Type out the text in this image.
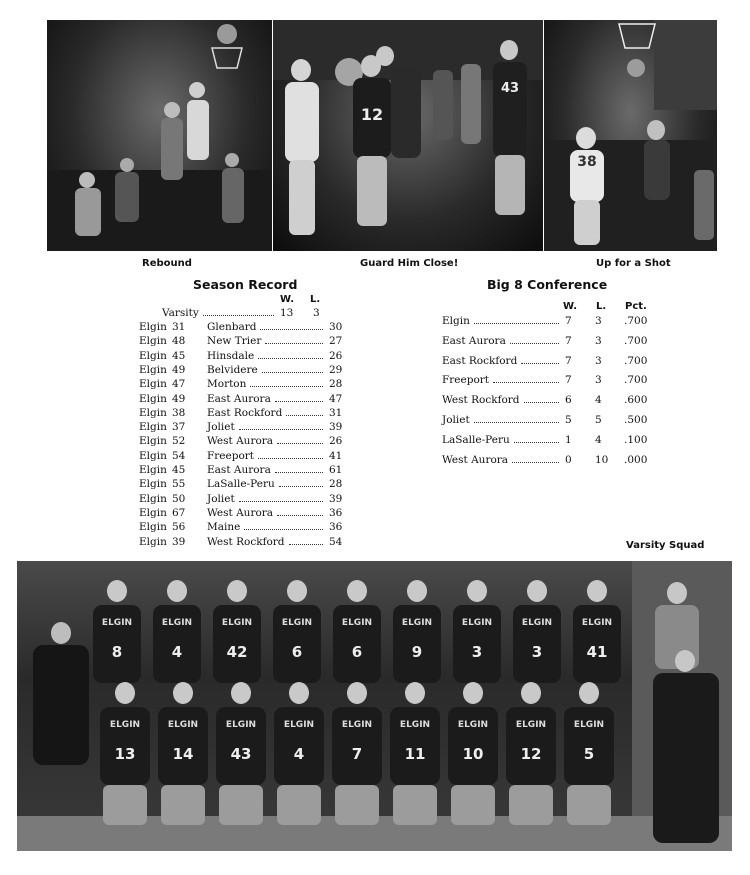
12
43
38
Rebound	Guard Him Close!	Up for a Shot
Season Record
W. L.
Varsity	13 3
Elgin 31 Glenbard	30
Elgin 48 New Trier	27
Elgin 45 Hinsdale	26
Elgin 49 Belvidere	29
Elgin 47 Morton	28
Elgin 49 East Aurora	47
Elgin 38 East Rockford	31
Elgin 37 Joliet	39
Elgin 52 West Aurora	26
Elgin 54 Freeport	41
Elgin 45 East Aurora	61
Elgin 55 LaSalle-Peru	28
Elgin 50 Joliet	39
Elgin 67 West Aurora	36
Elgin 56 Maine	36
Elgin 39 West Rockford	54
Big 8 Conference
W. L. Pct.
Elgin	7 3 .700
East Aurora	7 3 .700
East Rockford	7 3 .700
Freeport	7 3 .700
West Rockford	6 4 .600
Joliet	5 5 .500
LaSalle-Peru	1 4 .100
West Aurora	0 10 .000
Varsity Squad
ELGIN
8
ELGIN
4
ELGIN
42
ELGIN
6
ELGIN
6
ELGIN
9
ELGIN
3
ELGIN
3
ELGIN
41
ELGIN
13
ELGIN
14
ELGIN
43
ELGIN
4
ELGIN
7
ELGIN
11
ELGIN
10
ELGIN
12
ELGIN
5
